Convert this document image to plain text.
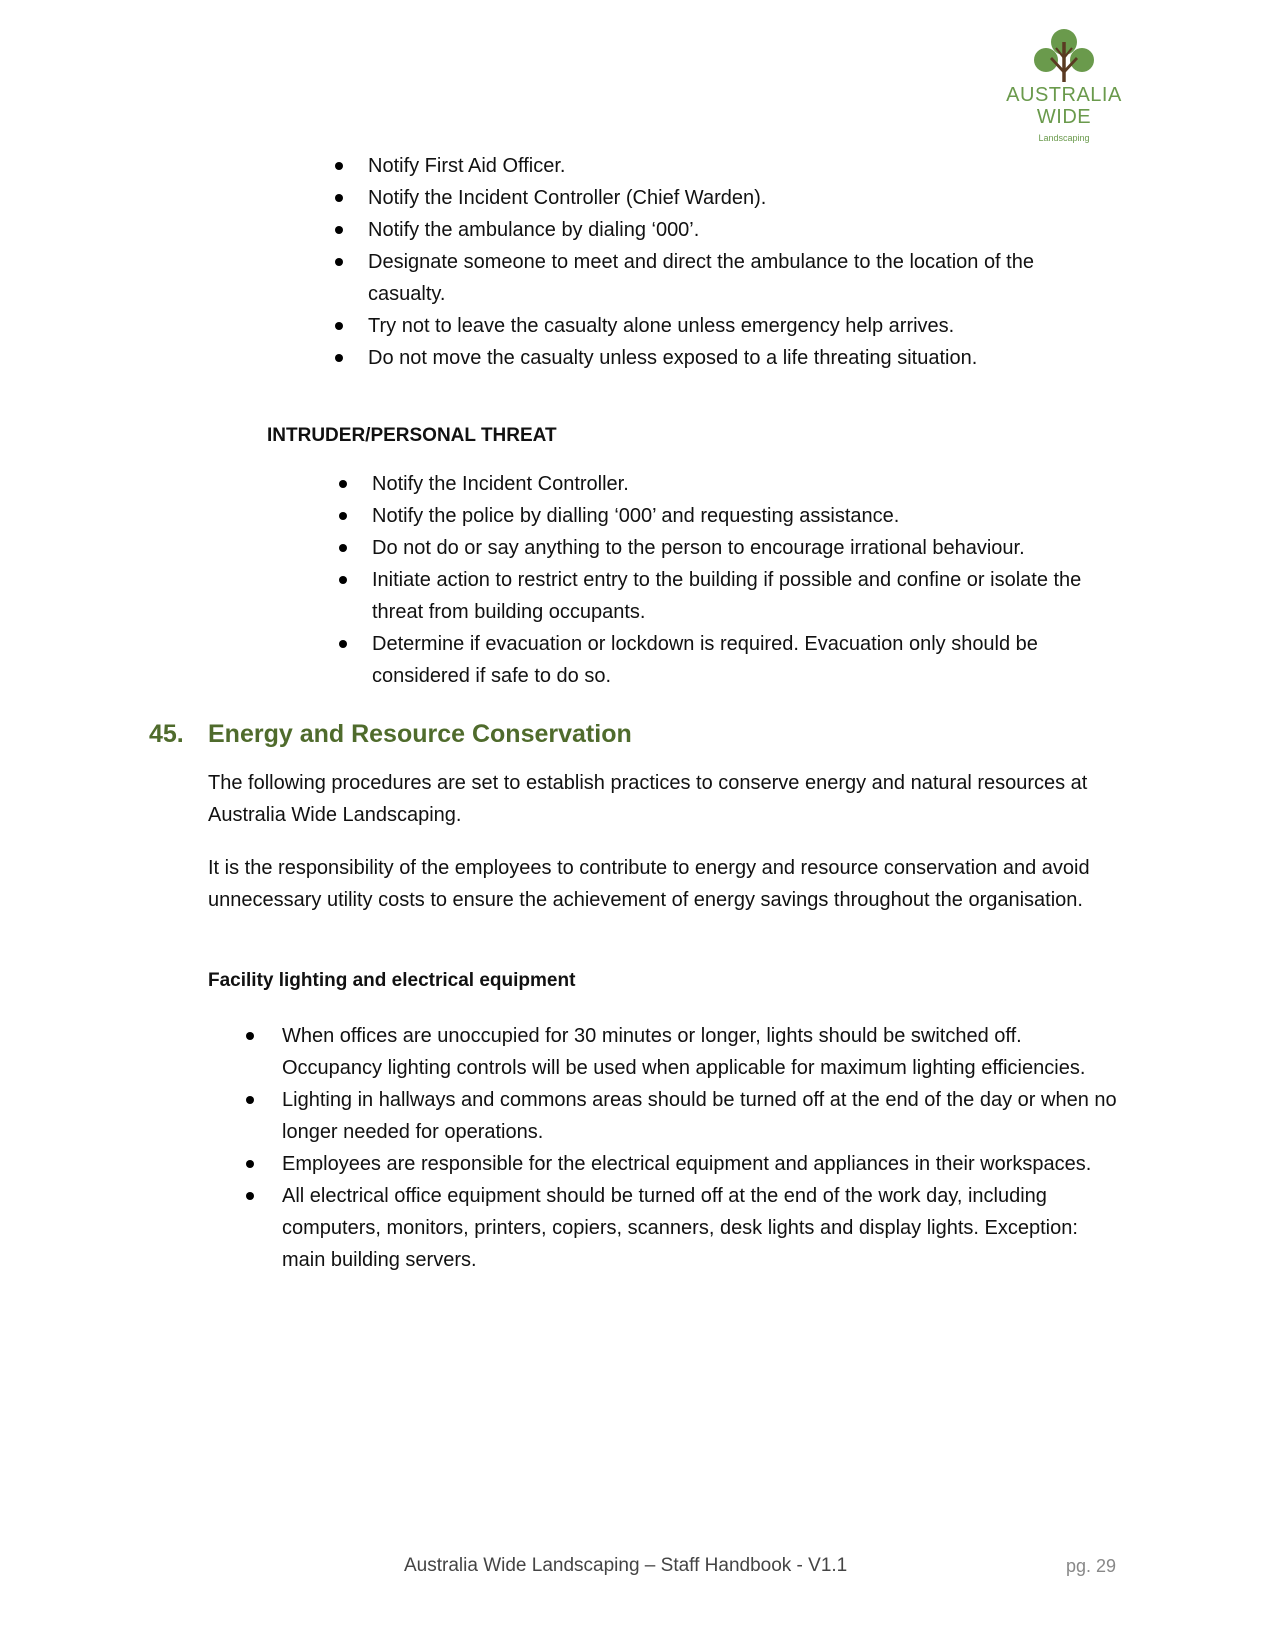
AUSTRALIA
WIDE
Landscaping
Notify First Aid Officer.
Notify the Incident Controller (Chief Warden).
Notify the ambulance by dialing ‘000’.
Designate someone to meet and direct the ambulance to the location of the casualty.
Try not to leave the casualty alone unless emergency help arrives.
Do not move the casualty unless exposed to a life threating situation.
INTRUDER/PERSONAL THREAT
Notify the Incident Controller.
Notify the police by dialling ‘000’ and requesting assistance.
Do not do or say anything to the person to encourage irrational behaviour.
Initiate action to restrict entry to the building if possible and confine or isolate the threat from building occupants.
Determine if evacuation or lockdown is required. Evacuation only should be considered if safe to do so.
45. Energy and Resource Conservation
The following procedures are set to establish practices to conserve energy and natural resources at Australia Wide Landscaping.
It is the responsibility of the employees to contribute to energy and resource conservation and avoid unnecessary utility costs to ensure the achievement of energy savings throughout the organisation.
Facility lighting and electrical equipment
When offices are unoccupied for 30 minutes or longer, lights should be switched off. Occupancy lighting controls will be used when applicable for maximum lighting efficiencies.
Lighting in hallways and commons areas should be turned off at the end of the day or when no longer needed for operations.
Employees are responsible for the electrical equipment and appliances in their workspaces.
All electrical office equipment should be turned off at the end of the work day, including computers, monitors, printers, copiers, scanners, desk lights and display lights. Exception: main building servers.
Australia Wide Landscaping – Staff Handbook - V1.1	pg. 29
